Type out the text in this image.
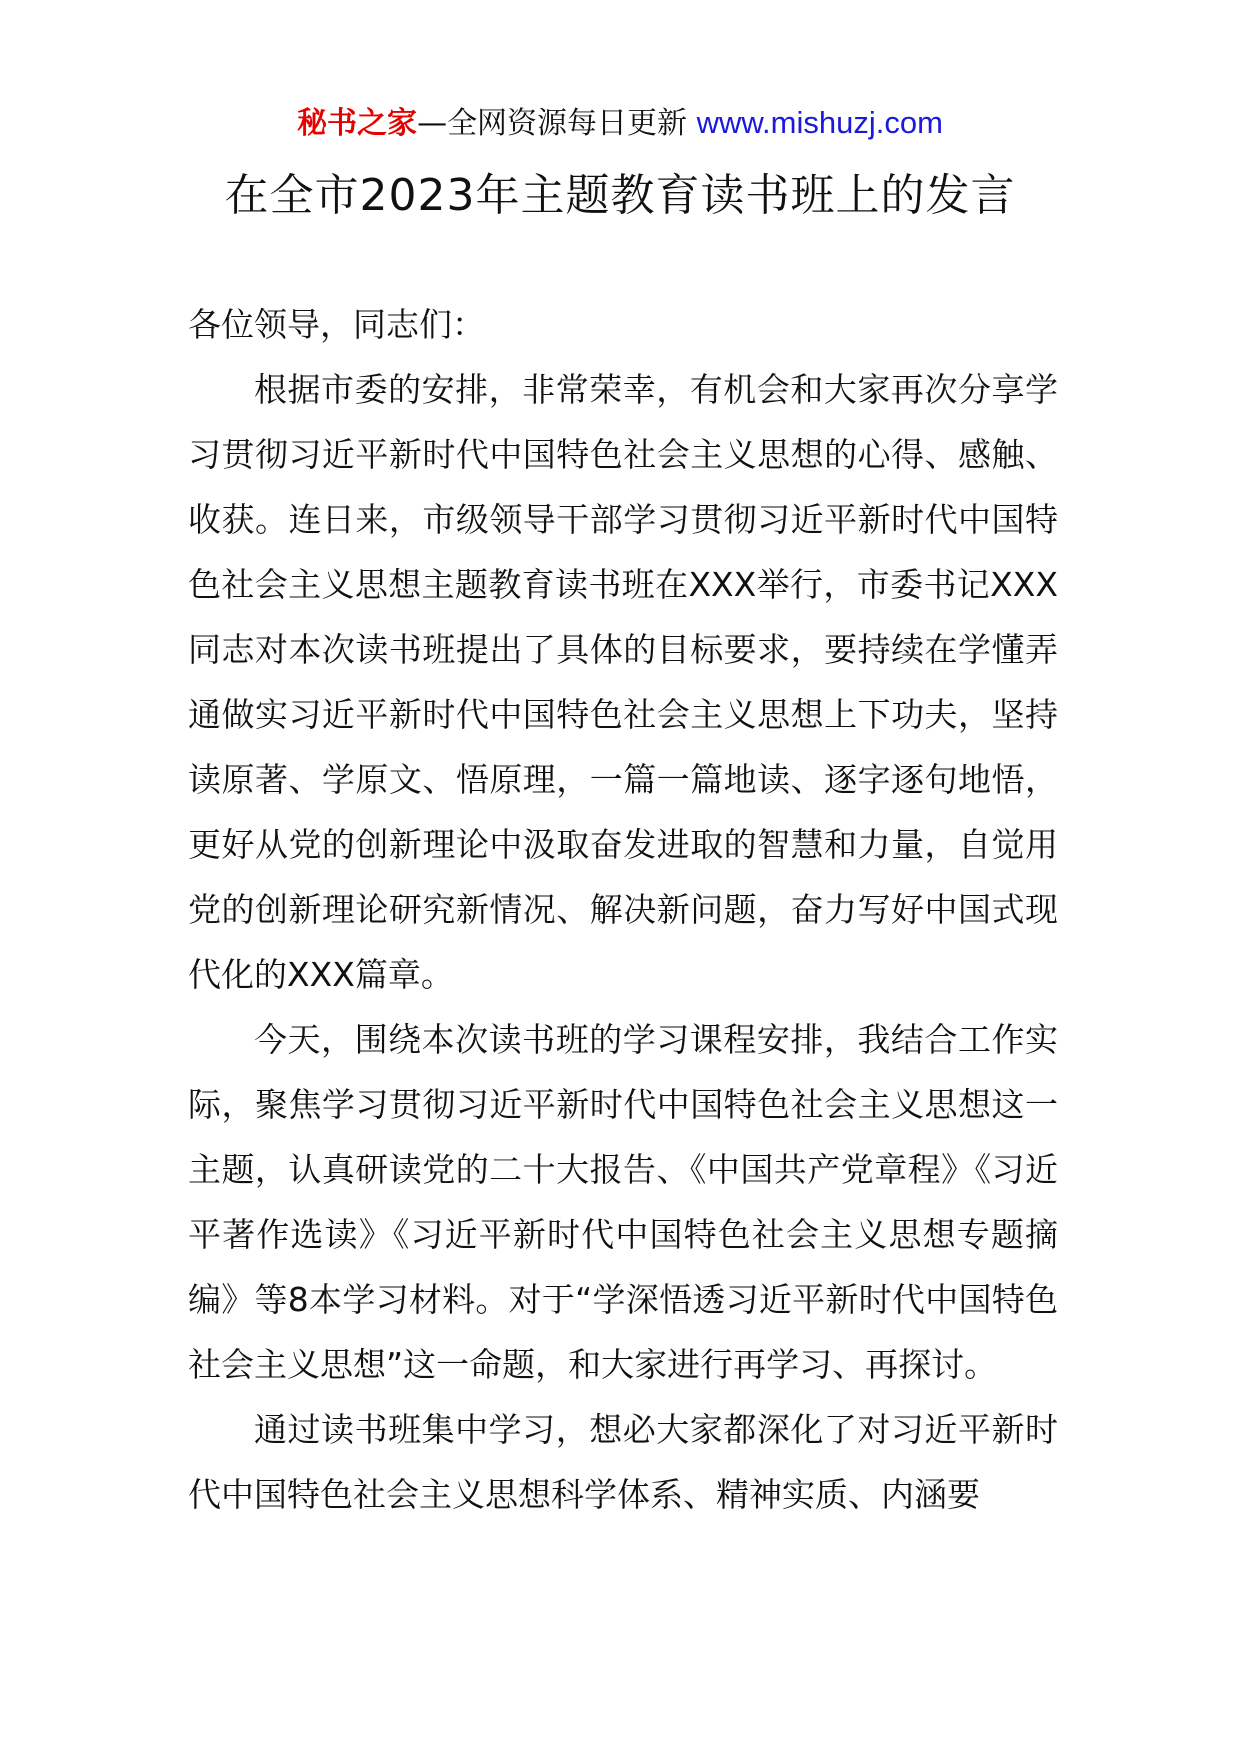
秘书之家—全网资源每日更新 www.mishuzj.com
在全市2023年主题教育读书班上的发言

各位领导，同志们：

根据市委的安排，非常荣幸，有机会和大家再次分享学习贯彻习近平新时代中国特色社会主义思想的心得、感触、收获。连日来，市级领导干部学习贯彻习近平新时代中国特色社会主义思想主题教育读书班在XXX举行，市委书记XXX同志对本次读书班提出了具体的目标要求，要持续在学懂弄通做实习近平新时代中国特色社会主义思想上下功夫，坚持读原著、学原文、悟原理，一篇一篇地读、逐字逐句地悟，更好从党的创新理论中汲取奋发进取的智慧和力量，自觉用党的创新理论研究新情况、解决新问题，奋力写好中国式现代化的XXX篇章。

今天，围绕本次读书班的学习课程安排，我结合工作实际，聚焦学习贯彻习近平新时代中国特色社会主义思想这一主题，认真研读党的二十大报告、《中国共产党章程》《习近平著作选读》《习近平新时代中国特色社会主义思想专题摘编》等8本学习材料。对于“学深悟透习近平新时代中国特色社会主义思想”这一命题，和大家进行再学习、再探讨。

通过读书班集中学习，想必大家都深化了对习近平新时代中国特色社会主义思想科学体系、精神实质、内涵要
